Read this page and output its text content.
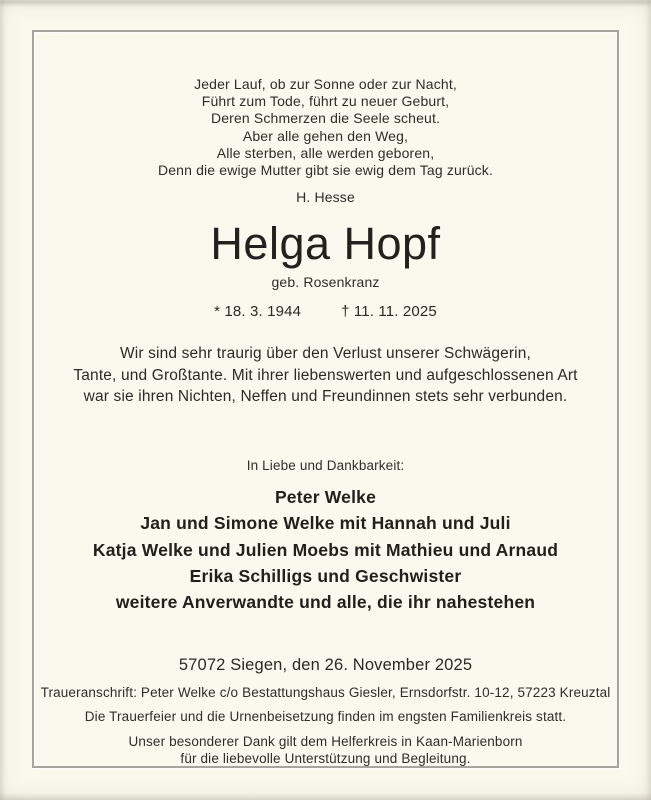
Jeder Lauf, ob zur Sonne oder zur Nacht,
Führt zum Tode, führt zu neuer Geburt,
Deren Schmerzen die Seele scheut.
Aber alle gehen den Weg,
Alle sterben, alle werden geboren,
Denn die ewige Mutter gibt sie ewig dem Tag zurück.
H. Hesse
Helga Hopf
geb. Rosenkranz
* 18. 3. 1944	† 11. 11. 2025
Wir sind sehr traurig über den Verlust unserer Schwägerin,
Tante, und Großtante. Mit ihrer liebenswerten und aufgeschlossenen Art
war sie ihren Nichten, Neffen und Freundinnen stets sehr verbunden.
In Liebe und Dankbarkeit:
Peter Welke
Jan und Simone Welke mit Hannah und Juli
Katja Welke und Julien Moebs mit Mathieu und Arnaud
Erika Schilligs und Geschwister
weitere Anverwandte und alle, die ihr nahestehen
57072 Siegen, den 26. November 2025
Traueranschrift: Peter Welke c/o Bestattungshaus Giesler, Ernsdorfstr. 10-12, 57223 Kreuztal
Die Trauerfeier und die Urnenbeisetzung finden im engsten Familienkreis statt.
Unser besonderer Dank gilt dem Helferkreis in Kaan-Marienborn
für die liebevolle Unterstützung und Begleitung.
